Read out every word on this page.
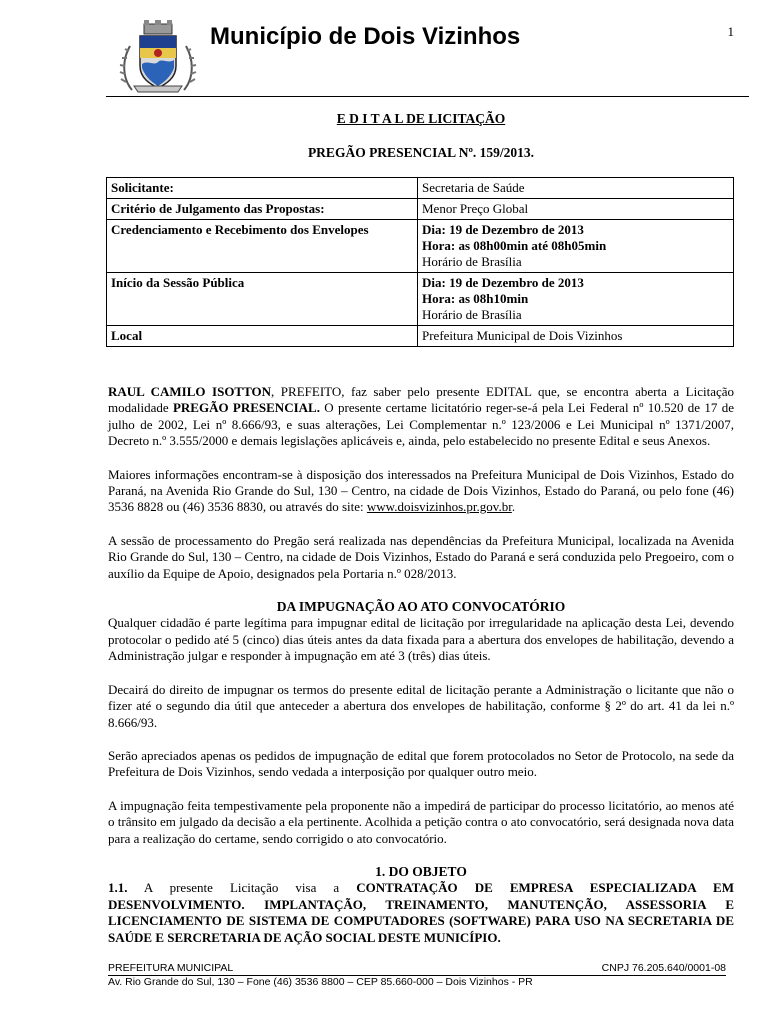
Município de Dois Vizinhos	1
E D I T A L DE LICITAÇÃO
PREGÃO PRESENCIAL Nº. 159/2013.
Solicitante:	Secretaria de Saúde

Critério de Julgamento das Propostas:	Menor Preço Global

Credenciamento e Recebimento dos Envelopes	Dia: 19 de Dezembro de 2013
Hora: as 08h00min até 08h05min
Horário de Brasília

Início da Sessão Pública	Dia: 19 de Dezembro de 2013
Hora: as 08h10min
Horário de Brasília

Local	Prefeitura Municipal de Dois Vizinhos

RAUL CAMILO ISOTTON, PREFEITO, faz saber pelo presente EDITAL que, se encontra aberta a Licitação modalidade PREGÃO PRESENCIAL. O presente certame licitatório reger-se-á pela Lei Federal nº 10.520 de 17 de julho de 2002, Lei nº 8.666/93, e suas alterações, Lei Complementar n.º 123/2006 e Lei Municipal nº 1371/2007, Decreto n.º 3.555/2000 e demais legislações aplicáveis e, ainda, pelo estabelecido no presente Edital e seus Anexos.

Maiores informações encontram-se à disposição dos interessados na Prefeitura Municipal de Dois Vizinhos, Estado do Paraná, na Avenida Rio Grande do Sul, 130 – Centro, na cidade de Dois Vizinhos, Estado do Paraná, ou pelo fone (46) 3536 8828 ou (46) 3536 8830, ou através do site: www.doisvizinhos.pr.gov.br.

A sessão de processamento do Pregão será realizada nas dependências da Prefeitura Municipal, localizada na Avenida Rio Grande do Sul, 130 – Centro, na cidade de Dois Vizinhos, Estado do Paraná e será conduzida pelo Pregoeiro, com o auxílio da Equipe de Apoio, designados pela Portaria n.º 028/2013.

DA IMPUGNAÇÃO AO ATO CONVOCATÓRIO

Qualquer cidadão é parte legítima para impugnar edital de licitação por irregularidade na aplicação desta Lei, devendo protocolar o pedido até 5 (cinco) dias úteis antes da data fixada para a abertura dos envelopes de habilitação, devendo a Administração julgar e responder à impugnação em até 3 (três) dias úteis.

Decairá do direito de impugnar os termos do presente edital de licitação perante a Administração o licitante que não o fizer até o segundo dia útil que anteceder a abertura dos envelopes de habilitação, conforme § 2º do art. 41 da lei n.º 8.666/93.

Serão apreciados apenas os pedidos de impugnação de edital que forem protocolados no Setor de Protocolo, na sede da Prefeitura de Dois Vizinhos, sendo vedada a interposição por qualquer outro meio.

A impugnação feita tempestivamente pela proponente não a impedirá de participar do processo licitatório, ao menos até o trânsito em julgado da decisão a ela pertinente. Acolhida a petição contra o ato convocatório, será designada nova data para a realização do certame, sendo corrigido o ato convocatório.

1. DO OBJETO

1.1. A presente Licitação visa a CONTRATAÇÃO DE EMPRESA ESPECIALIZADA EM DESENVOLVIMENTO. IMPLANTAÇÃO, TREINAMENTO, MANUTENÇÃO, ASSESSORIA E LICENCIAMENTO DE SISTEMA DE COMPUTADORES (SOFTWARE) PARA USO NA SECRETARIA DE SAÚDE E SERCRETARIA DE AÇÃO SOCIAL DESTE MUNICÍPIO.

PREFEITURA MUNICIPAL	CNPJ 76.205.640/0001-08
Av. Rio Grande do Sul, 130 – Fone (46) 3536 8800 – CEP 85.660-000 – Dois Vizinhos - PR
